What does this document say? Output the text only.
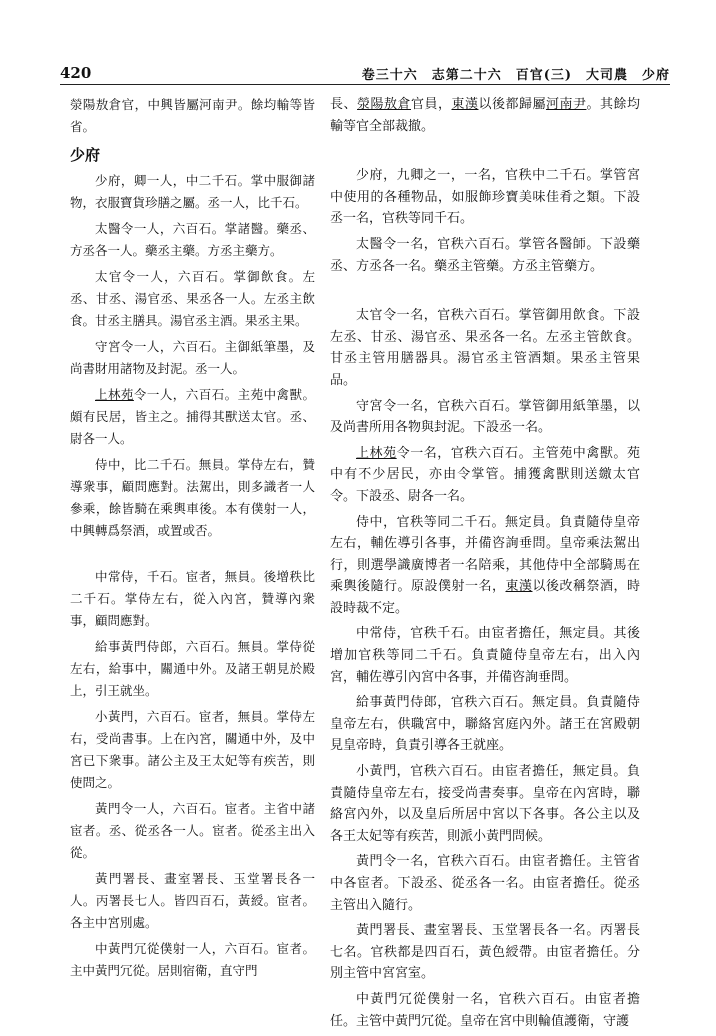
420	卷三十六　志第二十六　百官(三)　大司農　少府

滎陽敖倉官，中興皆屬河南尹。餘均輸等皆省。

少府

少府，卿一人，中二千石。掌中服御諸物，衣服寶貨珍膳之屬。丞一人，比千石。

太醫令一人，六百石。掌諸醫。藥丞、方丞各一人。藥丞主藥。方丞主藥方。

太官令一人，六百石。掌御飲食。左丞、甘丞、湯官丞、果丞各一人。左丞主飲食。甘丞主膳具。湯官丞主酒。果丞主果。

守宮令一人，六百石。主御紙筆墨，及尚書財用諸物及封泥。丞一人。

上林苑令一人，六百石。主苑中禽獸。頗有民居，皆主之。捕得其獸送太官。丞、尉各一人。

侍中，比二千石。無員。掌侍左右，贊導衆事，顧問應對。法駕出，則多識者一人參乘，餘皆騎在乘輿車後。本有僕射一人，中興轉爲祭酒，或置或否。

中常侍，千石。宦者，無員。後增秩比二千石。掌侍左右，從入內宮，贊導內衆事，顧問應對。

給事黃門侍郎，六百石。無員。掌侍從左右，給事中，關通中外。及諸王朝見於殿上，引王就坐。

小黃門，六百石。宦者，無員。掌侍左右，受尚書事。上在內宮，關通中外，及中宮已下衆事。諸公主及王太妃等有疾苦，則使問之。

黃門令一人，六百石。宦者。主省中諸宦者。丞、從丞各一人。宦者。從丞主出入從。

黃門署長、畫室署長、玉堂署長各一人。丙署長七人。皆四百石，黃綬。宦者。各主中宮別處。

中黃門冗從僕射一人，六百石。宦者。主中黃門冗從。居則宿衛，直守門

長、滎陽敖倉官員，東漢以後都歸屬河南尹。其餘均輸等官全部裁撤。

少府，九卿之一，一名，官秩中二千石。掌管宮中使用的各種物品，如服飾珍寶美味佳肴之類。下設丞一名，官秩等同千石。

太醫令一名，官秩六百石。掌管各醫師。下設藥丞、方丞各一名。藥丞主管藥。方丞主管藥方。

太官令一名，官秩六百石。掌管御用飲食。下設左丞、甘丞、湯官丞、果丞各一名。左丞主管飲食。甘丞主管用膳器具。湯官丞主管酒類。果丞主管果品。

守宮令一名，官秩六百石。掌管御用紙筆墨，以及尚書所用各物與封泥。下設丞一名。

上林苑令一名，官秩六百石。主管苑中禽獸。苑中有不少居民，亦由令掌管。捕獲禽獸則送繳太官令。下設丞、尉各一名。

侍中，官秩等同二千石。無定員。負責隨侍皇帝左右，輔佐導引各事，并備咨詢垂問。皇帝乘法駕出行，則選學識廣博者一名陪乘，其他侍中全部騎馬在乘輿後隨行。原設僕射一名，東漢以後改稱祭酒，時設時裁不定。

中常侍，官秩千石。由宦者擔任，無定員。其後增加官秩等同二千石。負責隨侍皇帝左右，出入內宮，輔佐導引內宮中各事，并備咨詢垂問。

給事黃門侍郎，官秩六百石。無定員。負責隨侍皇帝左右，供職宮中，聯絡宮庭內外。諸王在宮殿朝見皇帝時，負責引導各王就座。

小黃門，官秩六百石。由宦者擔任，無定員。負責隨侍皇帝左右，接受尚書奏事。皇帝在內宮時，聯絡宮內外，以及皇后所居中宮以下各事。各公主以及各王太妃等有疾苦，則派小黃門問候。

黃門令一名，官秩六百石。由宦者擔任。主管省中各宦者。下設丞、從丞各一名。由宦者擔任。從丞主管出入隨行。

黃門署長、畫室署長、玉堂署長各一名。丙署長七名。官秩都是四百石，黃色綬帶。由宦者擔任。分別主管中宮宮室。

中黃門冗從僕射一名，官秩六百石。由宦者擔任。主管中黃門冗從。皇帝在宮中則輪值護衛，守護
